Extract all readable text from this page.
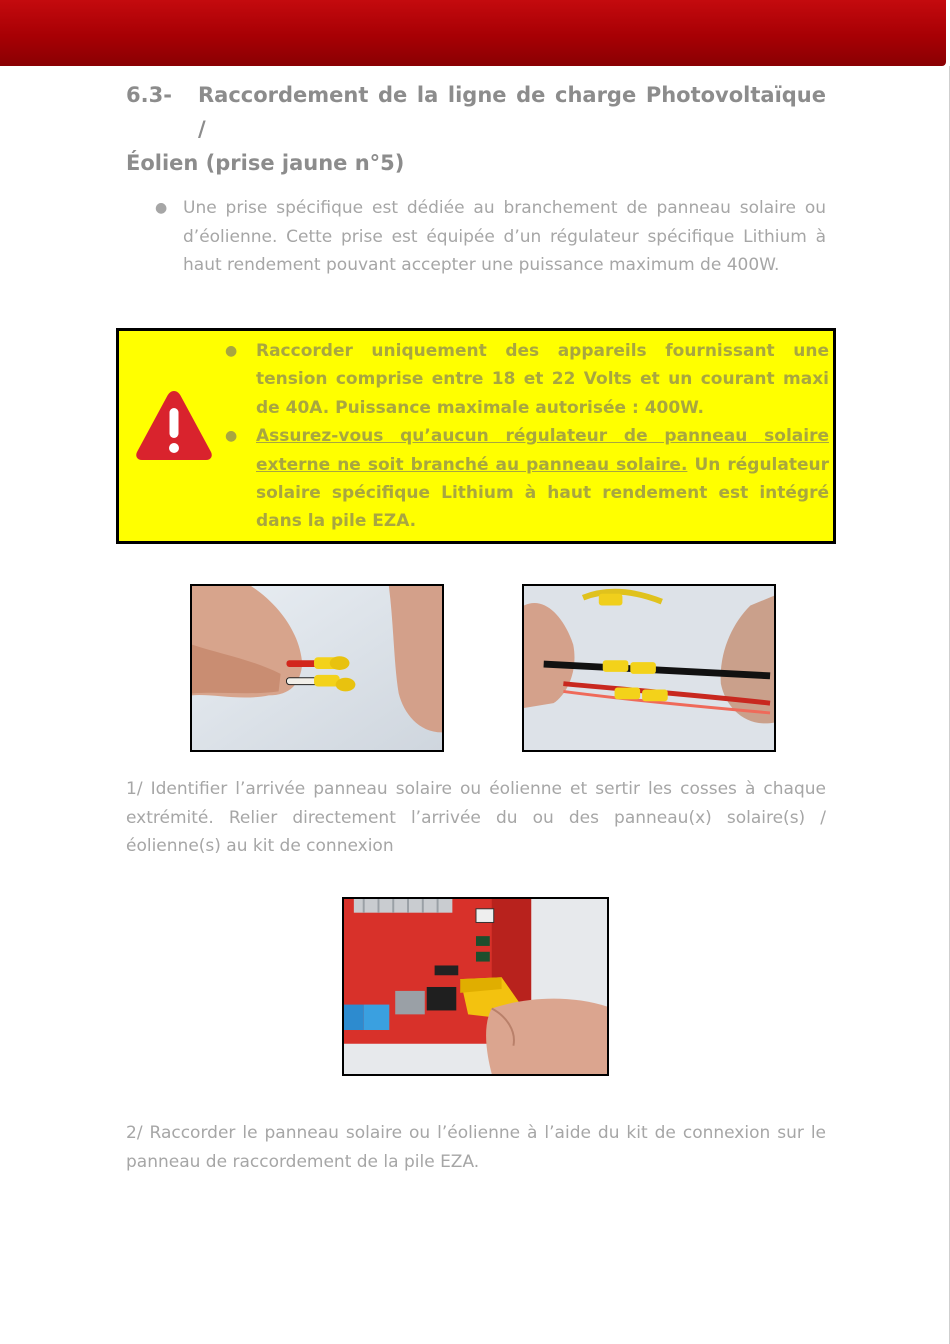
6.3-	Raccordement de la ligne de charge Photovoltaïque /
Éolien (prise jaune n°5)
● Une prise spécifique est dédiée au branchement de panneau solaire ou d’éolienne. Cette prise est équipée d’un régulateur spécifique Lithium à haut rendement pouvant accepter une puissance maximum de 400W.
●	Raccorder uniquement des appareils fournissant une tension comprise entre 18 et 22 Volts et un courant maxi de 40A. Puissance maximale autorisée : 400W.
●	Assurez-vous qu’aucun régulateur de panneau solaire externe ne soit branché au panneau solaire. Un régulateur solaire spécifique Lithium à haut rendement est intégré dans la pile EZA.
1/ Identifier l’arrivée panneau solaire ou éolienne et sertir les cosses à chaque extrémité. Relier directement l’arrivée du ou des panneau(x) solaire(s) / éolienne(s) au kit de connexion
2/ Raccorder le panneau solaire ou l’éolienne à l’aide du kit de connexion sur le panneau de raccordement de la pile EZA.
